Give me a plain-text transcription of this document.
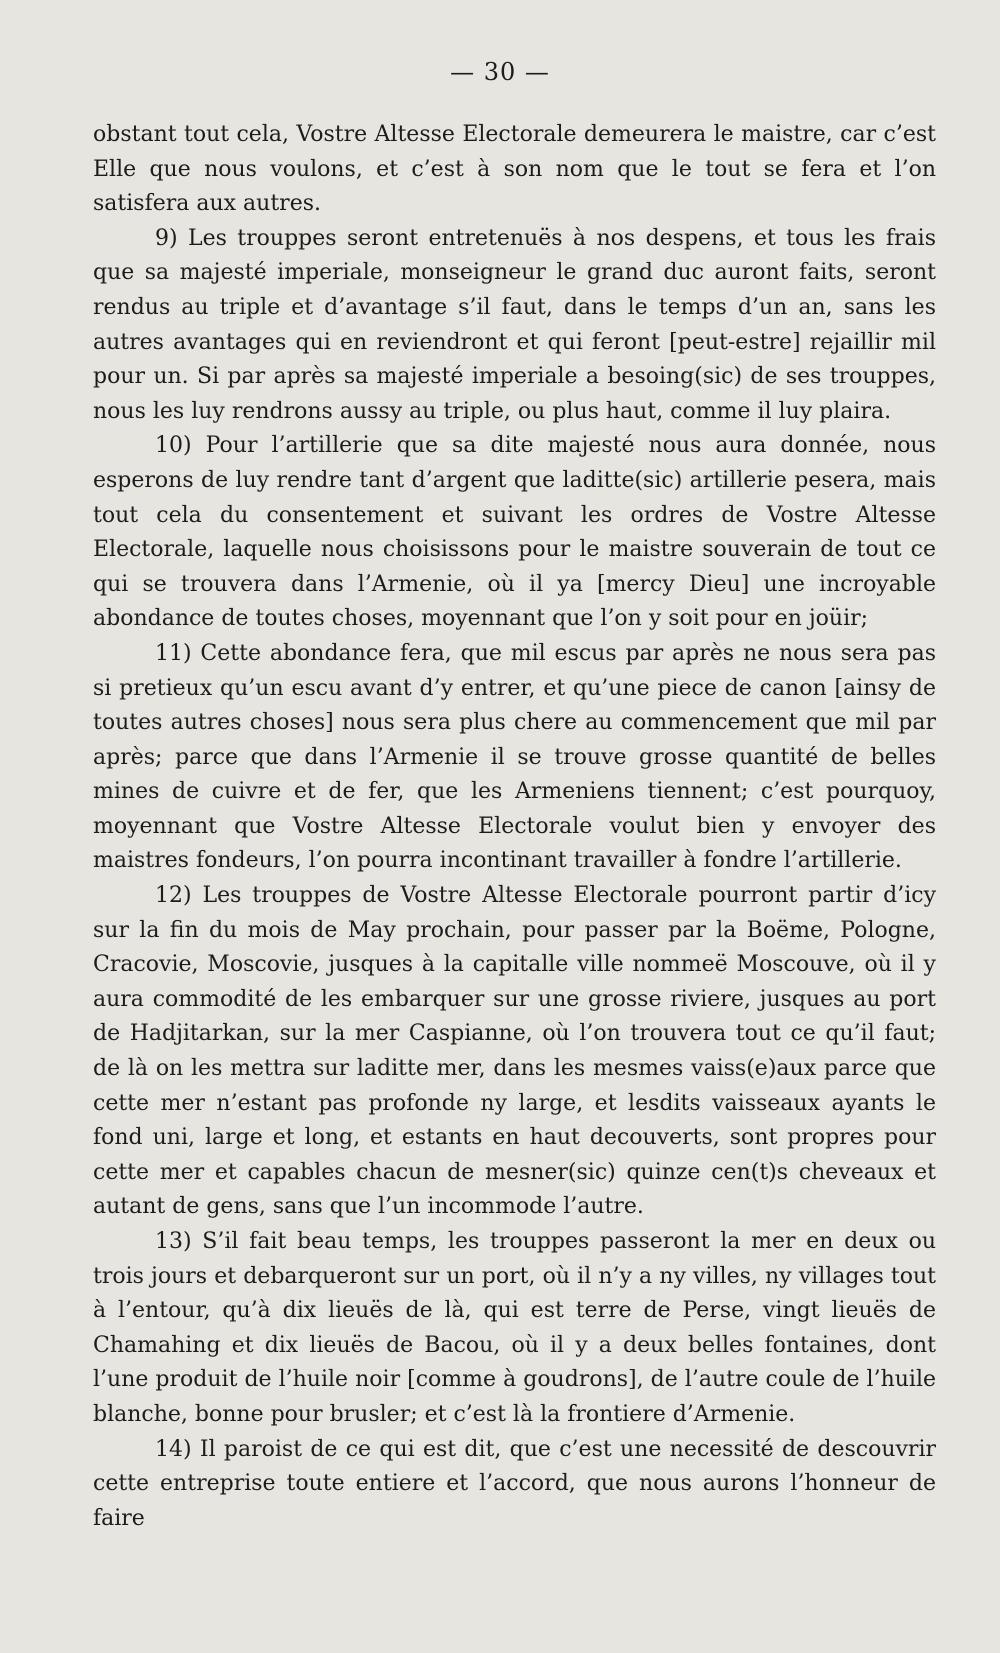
— 30 —

obstant tout cela, Vostre Altesse Electorale demeurera le maistre, car c’est Elle que nous voulons, et c’est à son nom que le tout se fera et l’on satisfera aux autres.

9) Les trouppes seront entretenuës à nos despens, et tous les frais que sa majesté imperiale, monseigneur le grand duc auront faits, seront rendus au triple et d’avantage s’il faut, dans le temps d’un an, sans les autres avantages qui en reviendront et qui feront [peut-estre] rejaillir mil pour un. Si par après sa majesté imperiale a besoing(sic) de ses trouppes, nous les luy rendrons aussy au triple, ou plus haut, comme il luy plaira.

10) Pour l’artillerie que sa dite majesté nous aura donnée, nous esperons de luy rendre tant d’argent que laditte(sic) artillerie pesera, mais tout cela du consentement et suivant les ordres de Vostre Altesse Electorale, laquelle nous choisissons pour le maistre souverain de tout ce qui se trouvera dans l’Armenie, où il ya [mercy Dieu] une incroyable abondance de toutes choses, moyennant que l’on y soit pour en joüir;

11) Cette abondance fera, que mil escus par après ne nous sera pas si pretieux qu’un escu avant d’y entrer, et qu’une piece de canon [ainsy de toutes autres choses] nous sera plus chere au commencement que mil par après; parce que dans l’Armenie il se trouve grosse quantité de belles mines de cuivre et de fer, que les Armeniens tiennent; c’est pourquoy, moyennant que Vostre Altesse Electorale voulut bien y envoyer des maistres fondeurs, l’on pourra incontinant travailler à fondre l’artillerie.

12) Les trouppes de Vostre Altesse Electorale pourront partir d’icy sur la fin du mois de May prochain, pour passer par la Boëme, Pologne, Cracovie, Moscovie, jusques à la capitalle ville nommeë Moscouve, où il y aura commodité de les embarquer sur une grosse riviere, jusques au port de Hadjitarkan, sur la mer Caspianne, où l’on trouvera tout ce qu’il faut; de là on les mettra sur laditte mer, dans les mesmes vaiss(e)aux parce que cette mer n’estant pas profonde ny large, et lesdits vaisseaux ayants le fond uni, large et long, et estants en haut decouverts, sont propres pour cette mer et capables chacun de mesner(sic) quinze cen(t)s cheveaux et autant de gens, sans que l’un incommode l’autre.

13) S’il fait beau temps, les trouppes passeront la mer en deux ou trois jours et debarqueront sur un port, où il n’y a ny villes, ny villages tout à l’entour, qu’à dix lieuës de là, qui est terre de Perse, vingt lieuës de Chamahing et dix lieuës de Bacou, où il y a deux belles fontaines, dont l’une produit de l’huile noir [comme à goudrons], de l’autre coule de l’huile blanche, bonne pour brusler; et c’est là la frontiere d’Armenie.

14) Il paroist de ce qui est dit, que c’est une necessité de descouvrir cette entreprise toute entiere et l’accord, que nous aurons l’honneur de faire
